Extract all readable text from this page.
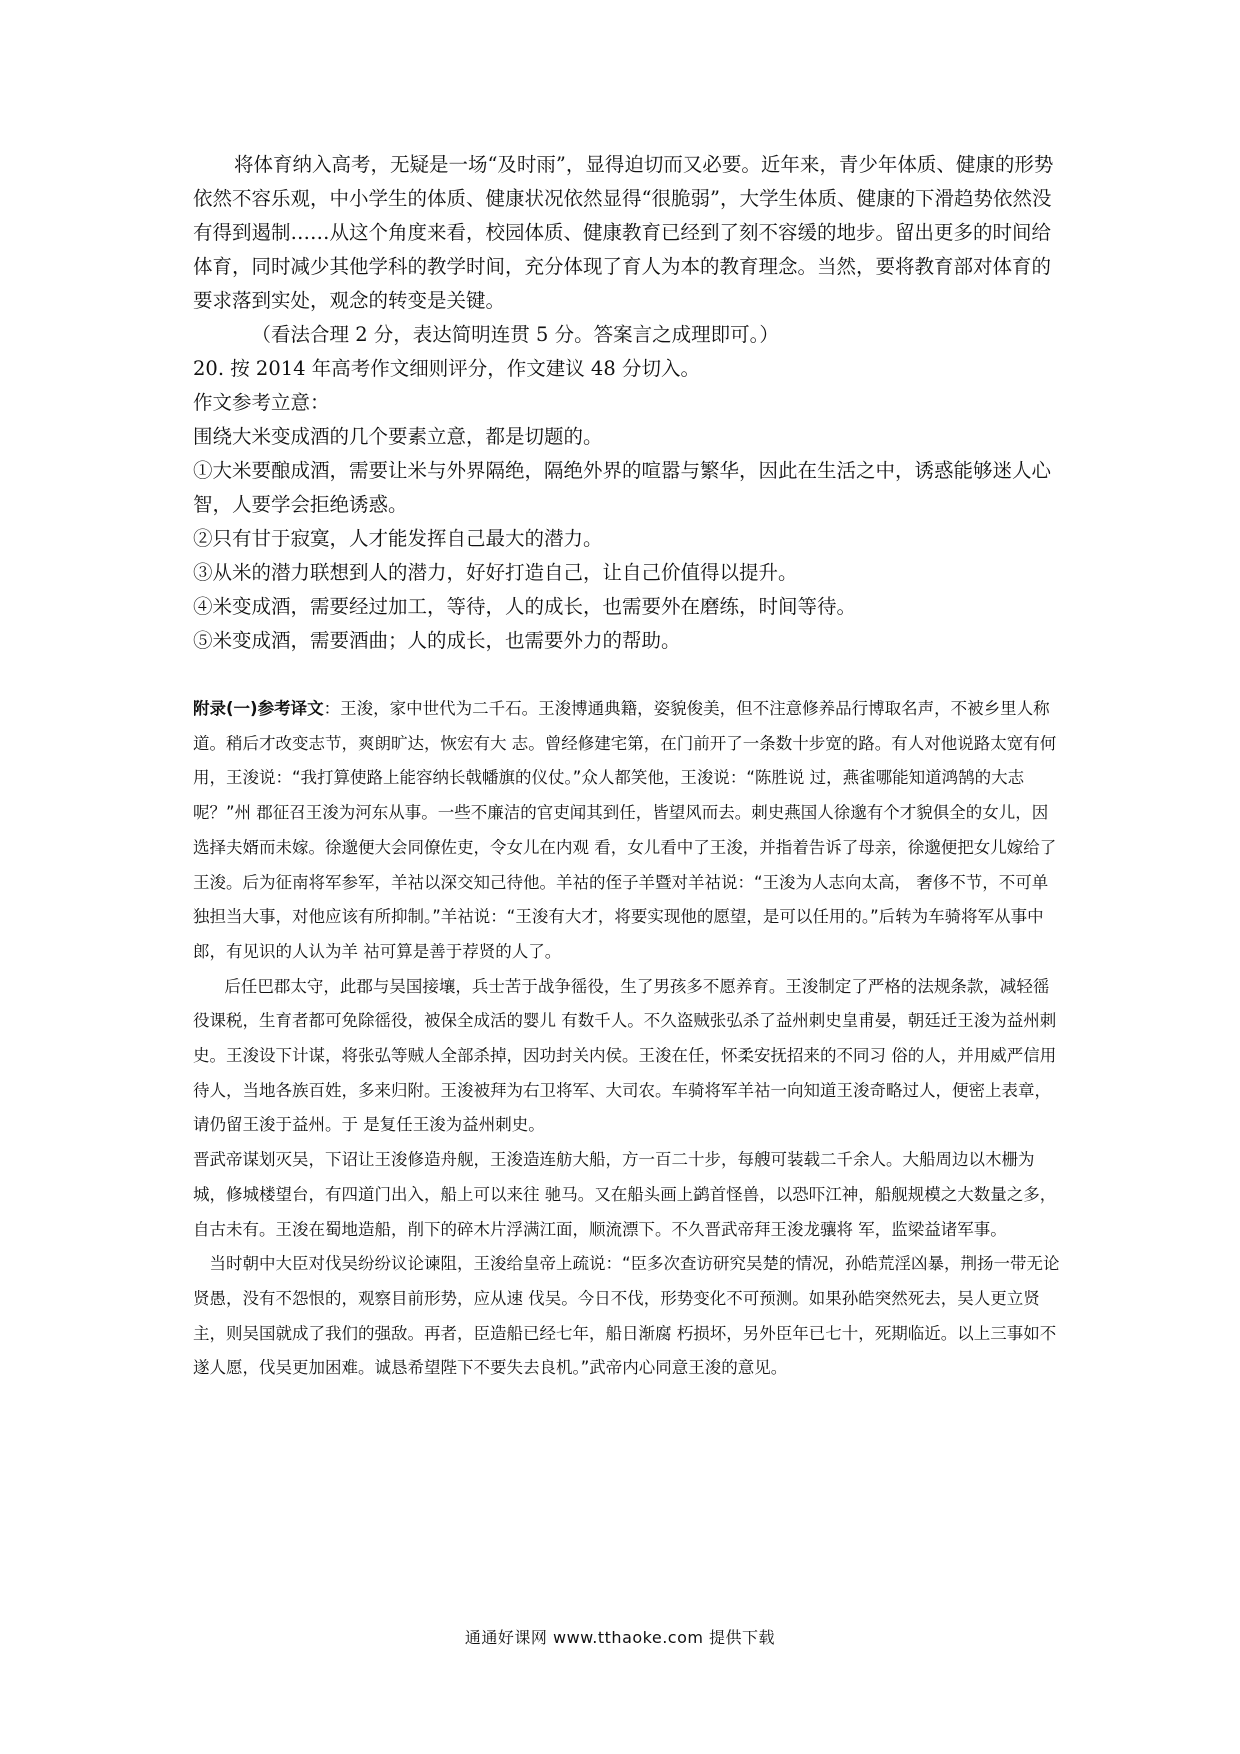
将体育纳入高考，无疑是一场“及时雨”，显得迫切而又必要。近年来，青少年体质、健康的形势依然不容乐观，中小学生的体质、健康状况依然显得“很脆弱”，大学生体质、健康的下滑趋势依然没有得到遏制……从这个角度来看，校园体质、健康教育已经到了刻不容缓的地步。留出更多的时间给体育，同时减少其他学科的教学时间，充分体现了育人为本的教育理念。当然，要将教育部对体育的要求落到实处，观念的转变是关键。

（看法合理 2 分，表达简明连贯 5 分。答案言之成理即可。）

20. 按 2014 年高考作文细则评分，作文建议 48 分切入。

作文参考立意：

围绕大米变成酒的几个要素立意，都是切题的。

①大米要酿成酒，需要让米与外界隔绝，隔绝外界的喧嚣与繁华，因此在生活之中，诱惑能够迷人心智，人要学会拒绝诱惑。

②只有甘于寂寞，人才能发挥自己最大的潜力。

③从米的潜力联想到人的潜力，好好打造自己，让自己价值得以提升。

④米变成酒，需要经过加工，等待，人的成长，也需要外在磨练，时间等待。

⑤米变成酒，需要酒曲；人的成长，也需要外力的帮助。

附录(一)参考译文：王浚，家中世代为二千石。王浚博通典籍，姿貌俊美，但不注意修养品行博取名声，不被乡里人称道。稍后才改变志节，爽朗旷达，恢宏有大 志。曾经修建宅第，在门前开了一条数十步宽的路。有人对他说路太宽有何用，王浚说：“我打算使路上能容纳长戟幡旗的仪仗。”众人都笑他，王浚说：“陈胜说 过，燕雀哪能知道鸿鹄的大志呢？”州 郡征召王浚为河东从事。一些不廉洁的官吏闻其到任，皆望风而去。刺史燕国人徐邈有个才貌俱全的女儿，因选择夫婿而未嫁。徐邈便大会同僚佐吏，令女儿在内观 看，女儿看中了王浚，并指着告诉了母亲，徐邈便把女儿嫁给了王浚。后为征南将军参军，羊祜以深交知己待他。羊祜的侄子羊暨对羊祜说：“王浚为人志向太高， 奢侈不节，不可单独担当大事，对他应该有所抑制。”羊祜说：“王浚有大才，将要实现他的愿望，是可以任用的。”后转为车骑将军从事中郎，有见识的人认为羊 祜可算是善于荐贤的人了。

后任巴郡太守，此郡与吴国接壤，兵士苦于战争徭役，生了男孩多不愿养育。王浚制定了严格的法规条款，减轻徭役课税，生育者都可免除徭役，被保全成活的婴儿 有数千人。不久盗贼张弘杀了益州刺史皇甫晏，朝廷迁王浚为益州刺史。王浚设下计谋，将张弘等贼人全部杀掉，因功封关内侯。王浚在任，怀柔安抚招来的不同习 俗的人，并用威严信用待人，当地各族百姓，多来归附。王浚被拜为右卫将军、大司农。车骑将军羊祜一向知道王浚奇略过人，便密上表章，请仍留王浚于益州。于 是复任王浚为益州刺史。

晋武帝谋划灭吴，下诏让王浚修造舟舰，王浚造连舫大船，方一百二十步，每艘可装载二千余人。大船周边以木栅为城，修城楼望台，有四道门出入，船上可以来往 驰马。又在船头画上鹢首怪兽，以恐吓江神，船舰规模之大数量之多，自古未有。王浚在蜀地造船，削下的碎木片浮满江面，顺流漂下。不久晋武帝拜王浚龙骧将 军，监梁益诸军事。

当时朝中大臣对伐吴纷纷议论谏阻，王浚给皇帝上疏说：“臣多次查访研究吴楚的情况，孙皓荒淫凶暴，荆扬一带无论贤愚，没有不怨恨的，观察目前形势，应从速 伐吴。今日不伐，形势变化不可预测。如果孙皓突然死去，吴人更立贤主，则吴国就成了我们的强敌。再者，臣造船已经七年，船日渐腐 朽损坏，另外臣年已七十，死期临近。以上三事如不遂人愿，伐吴更加困难。诚恳希望陛下不要失去良机。”武帝内心同意王浚的意见。

通通好课网 www.tthaoke.com 提供下载
